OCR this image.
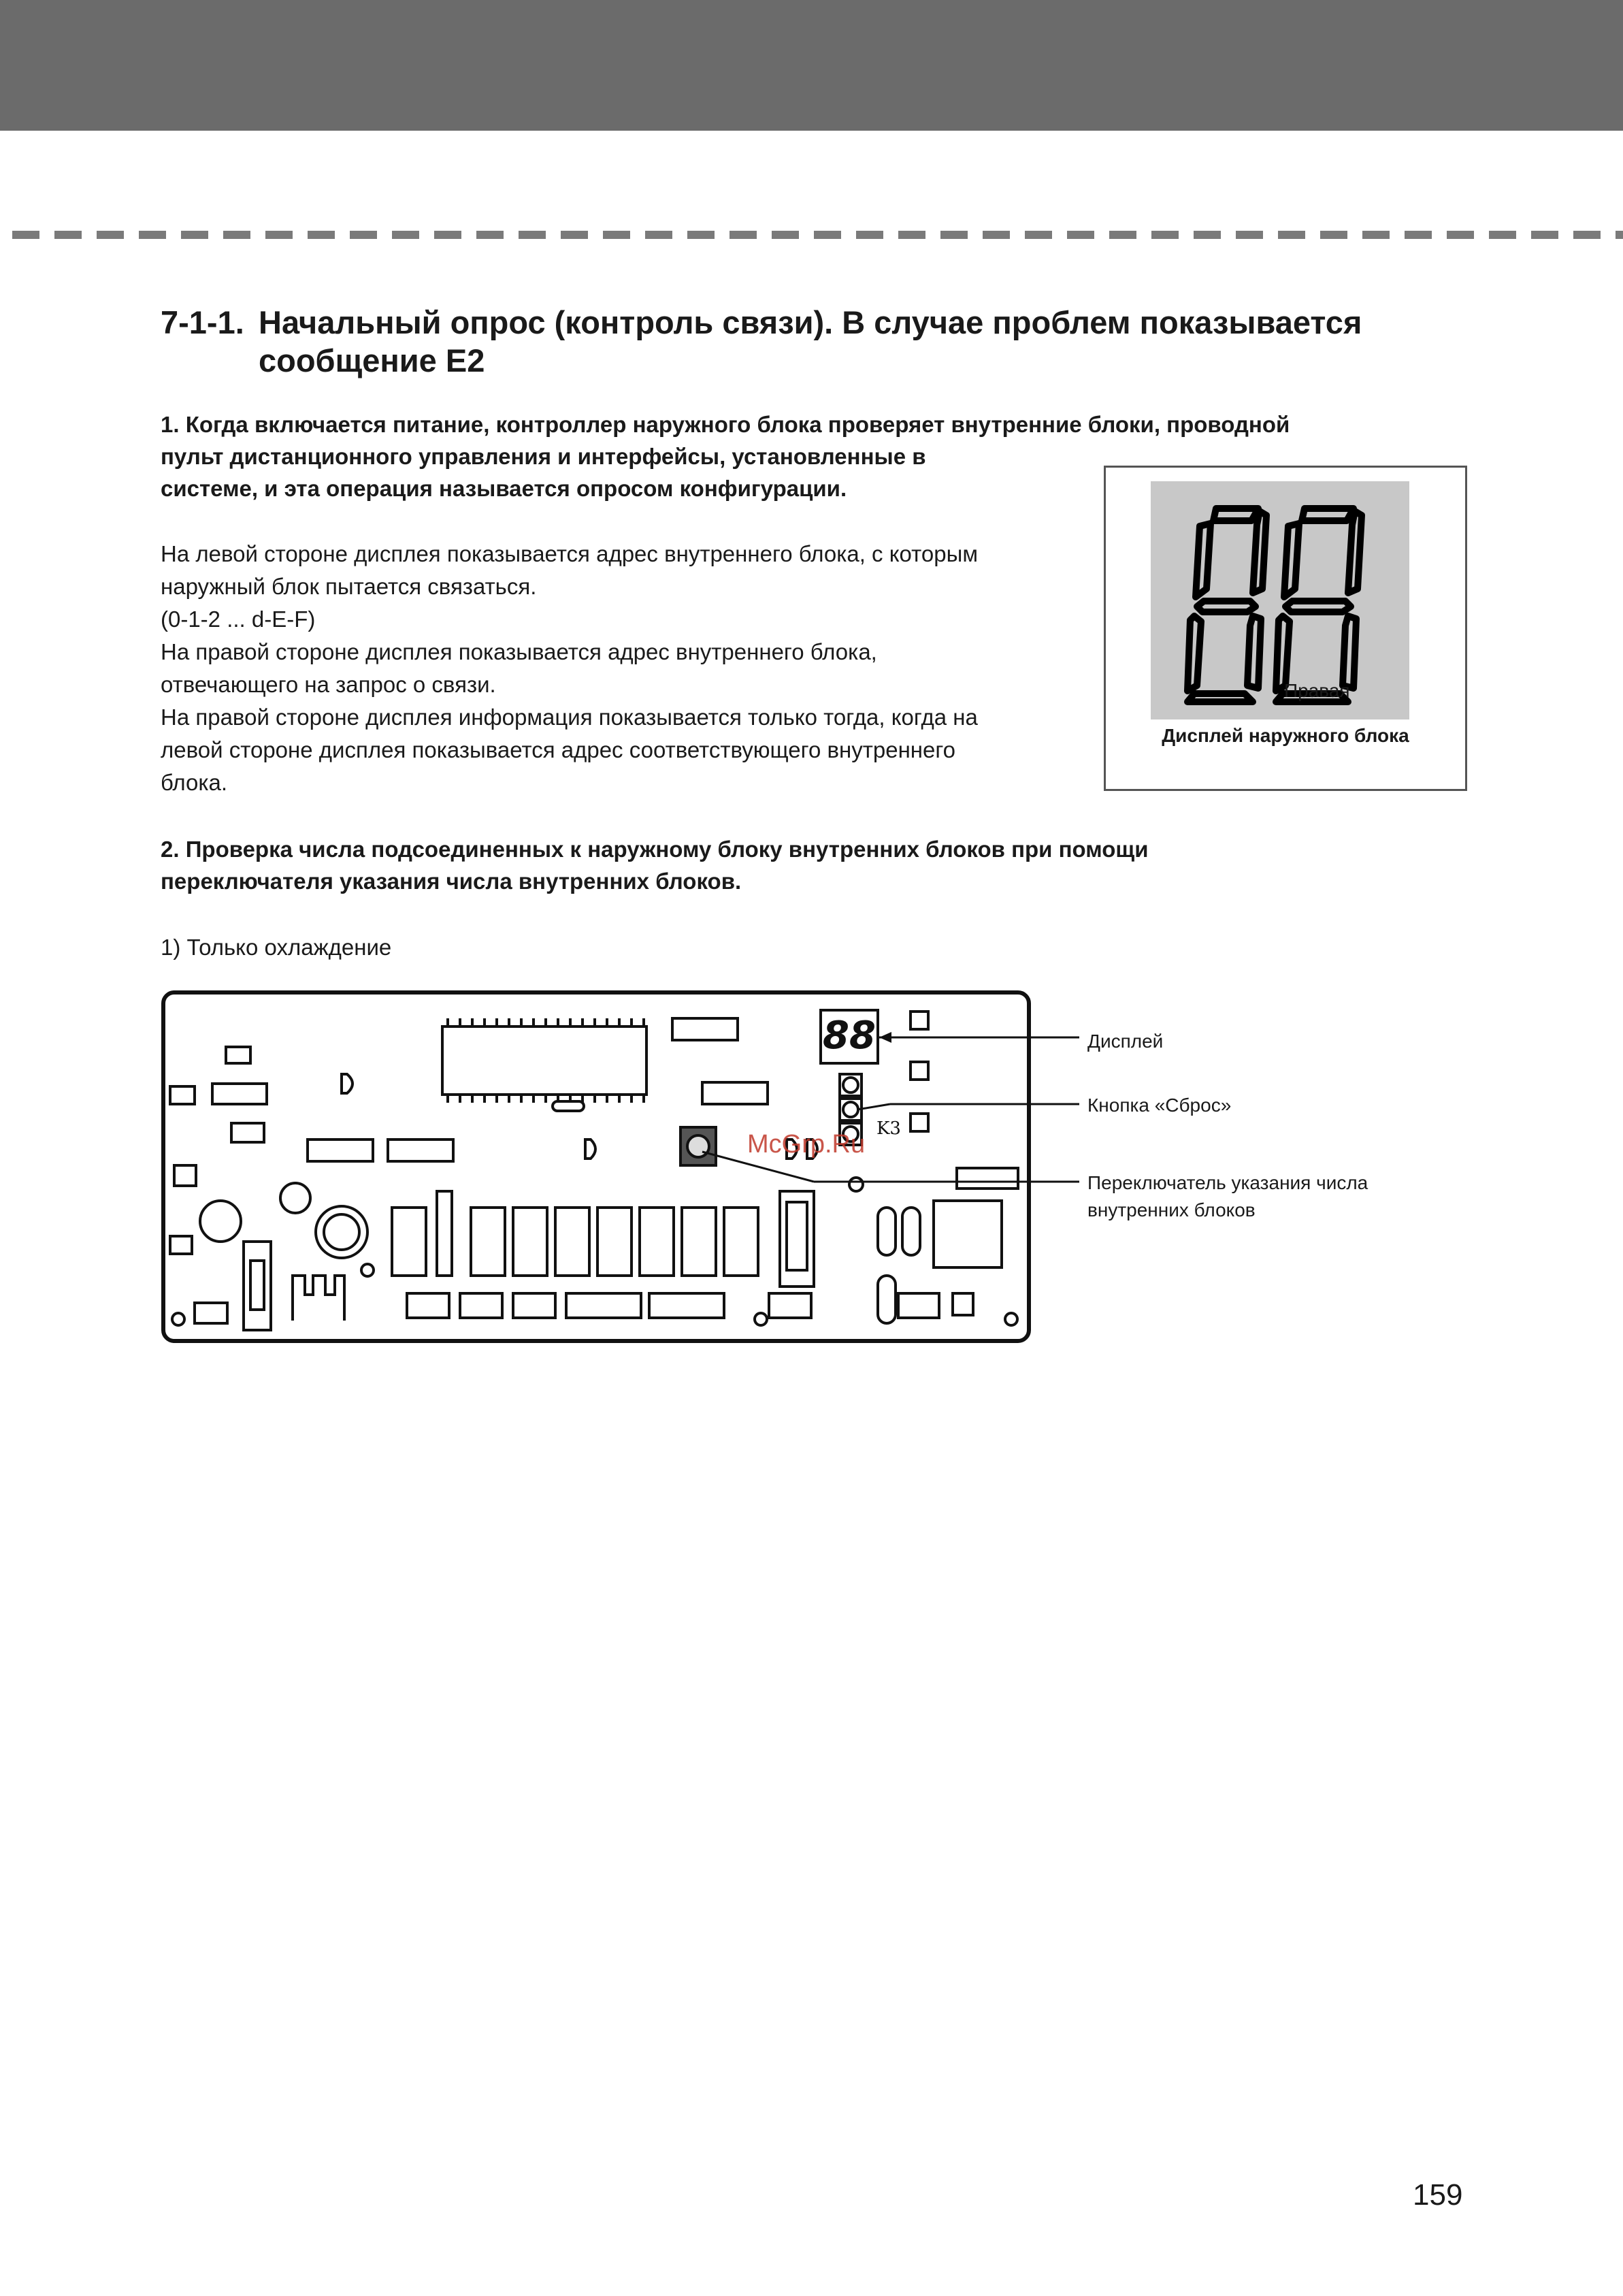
7-1-1. Начальный опрос (контроль связи). В случае проблем показывается
сообщение E2
1. Когда включается питание, контроллер наружного блока проверяет внутренние блоки, проводной
пульт дистанционного управления и интерфейсы, установленные в
системе, и эта операция называется опросом конфигурации.
На левой стороне дисплея показывается адрес внутреннего блока, с которым
наружный блок пытается связаться.
(0-1-2 ... d-E-F)
На правой стороне дисплея показывается адрес внутреннего блока,
отвечающего на запрос о связи.
На правой стороне дисплея информация показывается только тогда, когда на
левой стороне дисплея показывается адрес соответствующего внутреннего
блока.
Правая
Дисплей наружного блока
2. Проверка числа подсоединенных к наружному блоку внутренних блоков при помощи
переключателя указания числа внутренних блоков.
1) Только охлаждение
88
K3
Дисплей
Кнопка «Сброс»
Переключатель указания числа
внутренних блоков
McGrp.Ru
159
